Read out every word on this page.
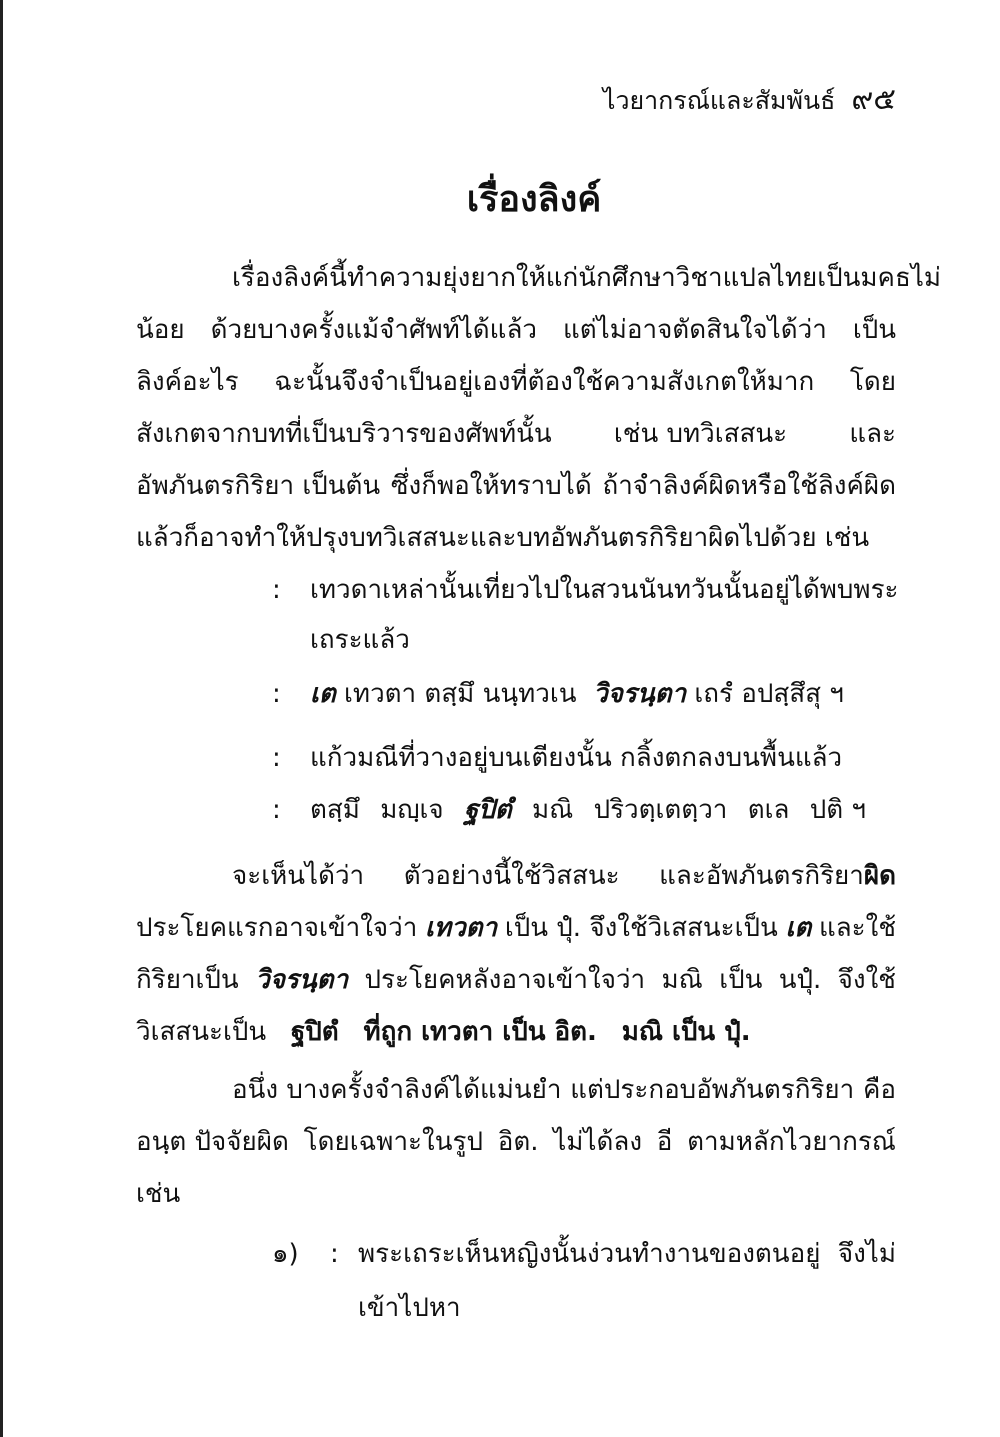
ไวยากรณ์และสัมพันธ์ ๙๕
เรื่องลิงค์
เรื่องลิงค์นี้ทำความยุ่งยากให้แก่นักศึกษาวิชาแปลไทยเป็นมคธไม่
น้อย ด้วยบางครั้งแม้จำศัพท์ได้แล้ว แต่ไม่อาจตัดสินใจได้ว่า เป็น
ลิงค์อะไร ฉะนั้นจึงจำเป็นอยู่เองที่ต้องใช้ความสังเกตให้มาก โดย
สังเกตจากบทที่เป็นบริวารของศัพท์นั้น เช่น บทวิเสสนะ และ
อัพภันตรกิริยา เป็นต้น ซึ่งก็พอให้ทราบได้ ถ้าจำลิงค์ผิดหรือใช้ลิงค์ผิด
แล้วก็อาจทำให้ปรุงบทวิเสสนะและบทอัพภันตรกิริยาผิดไปด้วย เช่น
: เทวดาเหล่านั้นเที่ยวไปในสวนนันทวันนั้นอยู่ ได้พบพระ
เถระแล้ว
: เต เทวตา ตสฺมึ นนฺทวเน วิจรนฺตา เถรํ อปสฺสึสุ ฯ
: แก้วมณีที่วางอยู่บนเตียงนั้น กลิ้งตกลงบนพื้นแล้ว
: ตสฺมึ มญฺเจ ฐปิตํ มณิ ปริวตฺเตตฺวา ตเล ปติ ฯ
จะเห็นได้ว่า ตัวอย่างนี้ใช้วิสสนะ และอัพภันตรกิริยาผิด
ประโยคแรกอาจเข้าใจว่า เทวตา เป็น ปุํ. จึงใช้วิเสสนะเป็น เต และใช้
กิริยาเป็น วิจรนฺตา ประโยคหลังอาจเข้าใจว่า มณิ เป็น นปุํ. จึงใช้
วิเสสนะเป็น ฐปิตํ ที่ถูก เทวตา เป็น อิต. มณิ เป็น ปุํ.
อนึ่ง บางครั้งจำลิงค์ได้แม่นยำ แต่ประกอบอัพภันตรกิริยา คือ
อนฺต ปัจจัยผิด โดยเฉพาะในรูป อิต. ไม่ได้ลง อี ตามหลักไวยากรณ์
เช่น
๑) : พระเถระเห็นหญิงนั้นง่วนทำงานของตนอยู่ จึงไม่
เข้าไปหา
